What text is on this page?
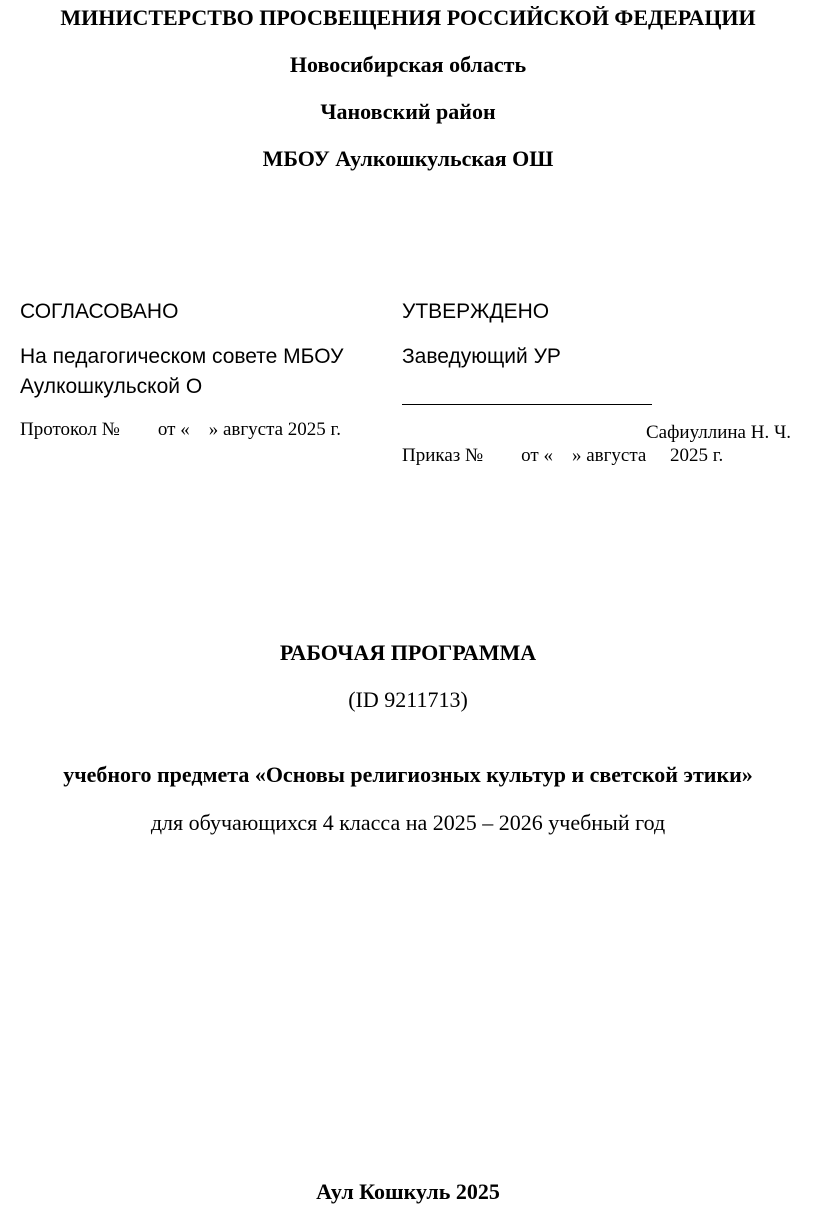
МИНИСТЕРСТВО ПРОСВЕЩЕНИЯ РОССИЙСКОЙ ФЕДЕРАЦИИ
Новосибирская область
Чановский район
МБОУ Аулкошкульская ОШ
СОГЛАСОВАНО
На педагогическом совете МБОУ
Аулкошкульской О
Протокол №        от «    » августа 2025 г.
УТВЕРЖДЕНО
Заведующий УР
Сафиуллина Н. Ч.
Приказ №        от «    » августа     2025 г.
РАБОЧАЯ ПРОГРАММА
(ID 9211713)
учебного предмета «Основы религиозных культур и светской этики»
для обучающихся 4 класса на 2025 – 2026 учебный год
Аул Кошкуль 2025
